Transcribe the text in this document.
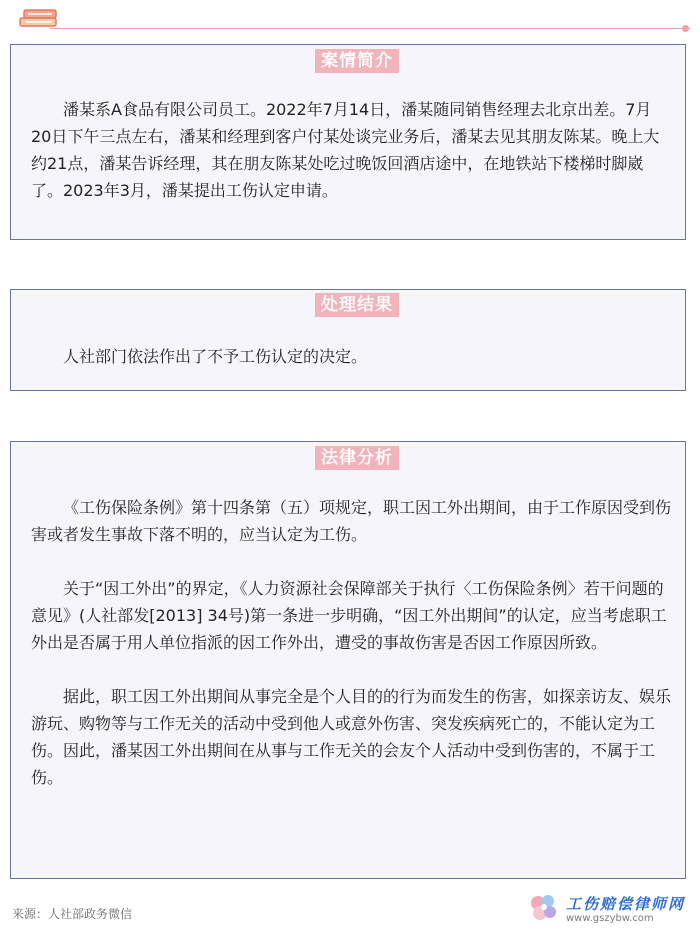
案情简介

潘某系A食品有限公司员工。2022年7月14日，潘某随同销售经理去北京出差。7月20日下午三点左右，潘某和经理到客户付某处谈完业务后，潘某去见其朋友陈某。晚上大约21点，潘某告诉经理，其在朋友陈某处吃过晚饭回酒店途中，在地铁站下楼梯时脚崴了。2023年3月，潘某提出工伤认定申请。

处理结果

人社部门依法作出了不予工伤认定的决定。

法律分析

《工伤保险条例》第十四条第（五）项规定，职工因工外出期间，由于工作原因受到伤害或者发生事故下落不明的，应当认定为工伤。

关于“因工外出”的界定，《人力资源社会保障部关于执行〈工伤保险条例〉若干问题的意见》(人社部发[2013] 34号)第一条进一步明确，“因工外出期间”的认定，应当考虑职工外出是否属于用人单位指派的因工作外出，遭受的事故伤害是否因工作原因所致。

据此，职工因工外出期间从事完全是个人目的的行为而发生的伤害，如探亲访友、娱乐游玩、购物等与工作无关的活动中受到他人或意外伤害、突发疾病死亡的，不能认定为工伤。因此，潘某因工外出期间在从事与工作无关的会友个人活动中受到伤害的，不属于工伤。

来源：人社部政务微信
工伤赔偿律师网
www.gszybw.com
